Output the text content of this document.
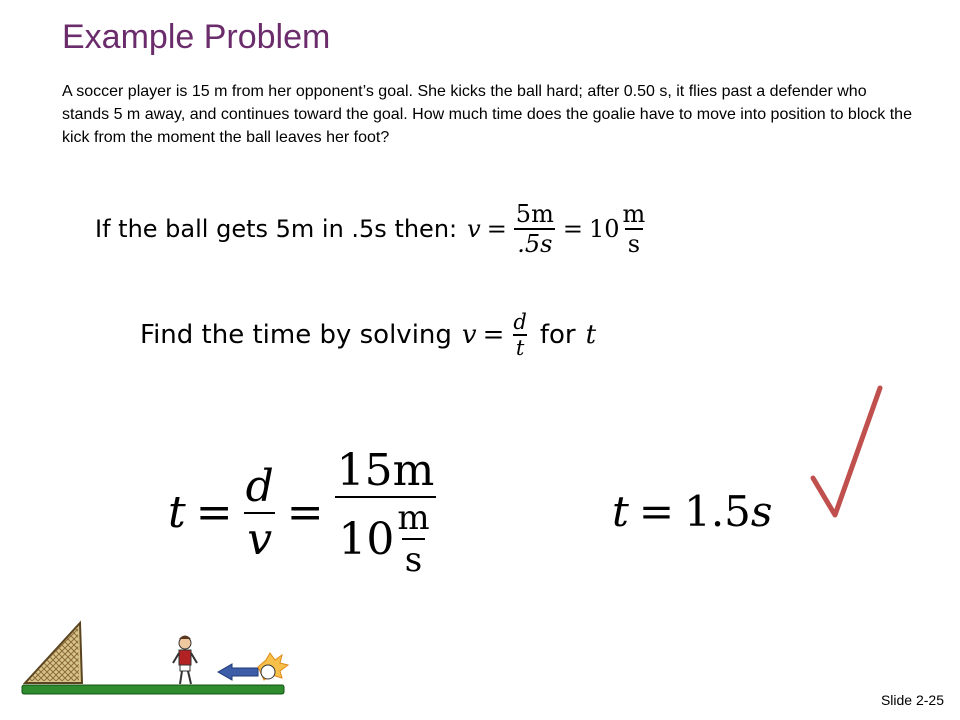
Example Problem
A soccer player is 15 m from her opponent’s goal. She kicks the ball hard; after 0.50 s, it flies past a defender who stands 5 m away, and continues toward the goal. How much time does the goalie have to move into position to block the kick from the moment the ball leaves her foot?
If the ball gets 5m in .5s then: $v = \frac{5m}{.5s} = 10 \frac{m}{s}$
Find the time by solving $v = \frac{d}{t}$ for t
$t = \frac{d}{v} = \frac{15m}{10 \frac{m}{s}}$	t = 1.5 s
Slide 2-25
